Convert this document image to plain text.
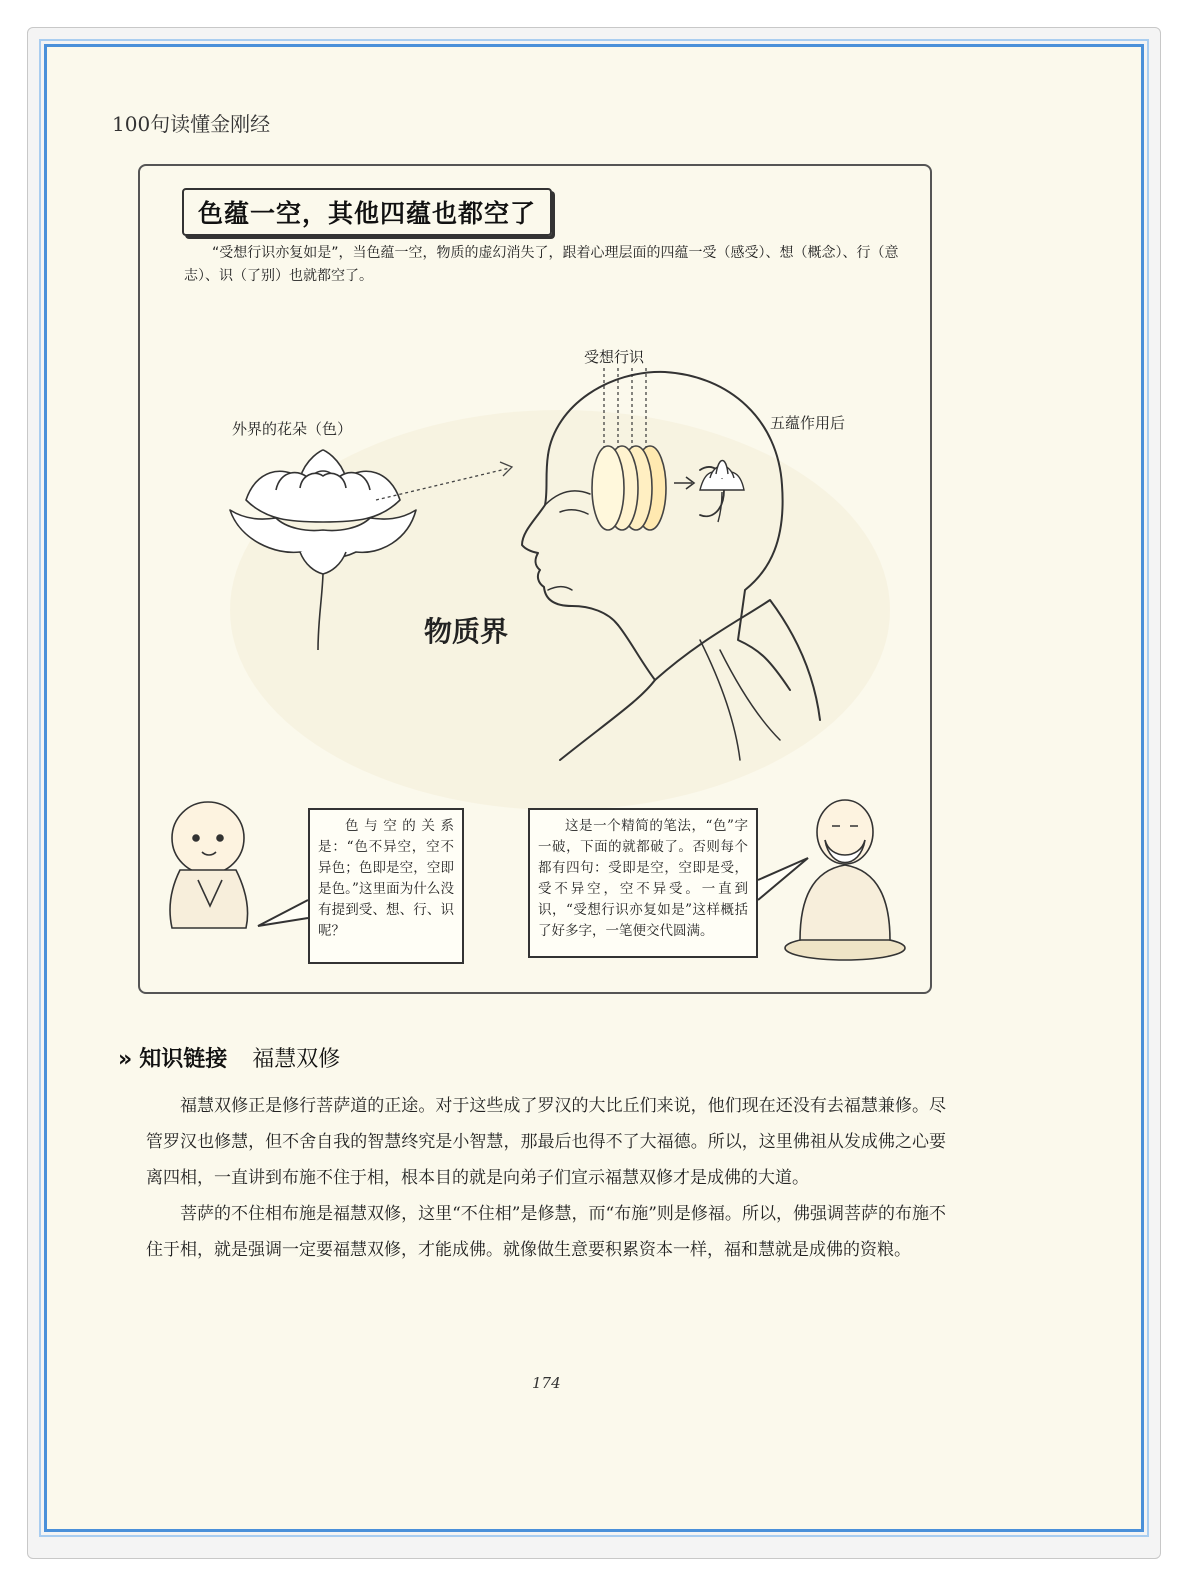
100句读懂金刚经
色蕴一空，其他四蕴也都空了
“受想行识亦复如是”，当色蕴一空，物质的虚幻消失了，跟着心理层面的四蕴一受（感受）、想（概念）、行（意志）、识（了别）也就都空了。
受想行识
外界的花朵（色）	五蕴作用后
物质界
色与空的关系是：“色不异空，空不异色；色即是空，空即是色。”这里面为什么没有提到受、想、行、识呢？
这是一个精简的笔法，“色”字一破，下面的就都破了。否则每个都有四句：受即是空，空即是受，受不异空，空不异受。一直到识，“受想行识亦复如是”这样概括了好多字，一笔便交代圆满。
» 知识链接 福慧双修

福慧双修正是修行菩萨道的正途。对于这些成了罗汉的大比丘们来说，他们现在还没有去福慧兼修。尽管罗汉也修慧，但不舍自我的智慧终究是小智慧，那最后也得不了大福德。所以，这里佛祖从发成佛之心要离四相，一直讲到布施不住于相，根本目的就是向弟子们宣示福慧双修才是成佛的大道。

菩萨的不住相布施是福慧双修，这里“不住相”是修慧，而“布施”则是修福。所以，佛强调菩萨的布施不住于相，就是强调一定要福慧双修，才能成佛。就像做生意要积累资本一样，福和慧就是成佛的资粮。

174
